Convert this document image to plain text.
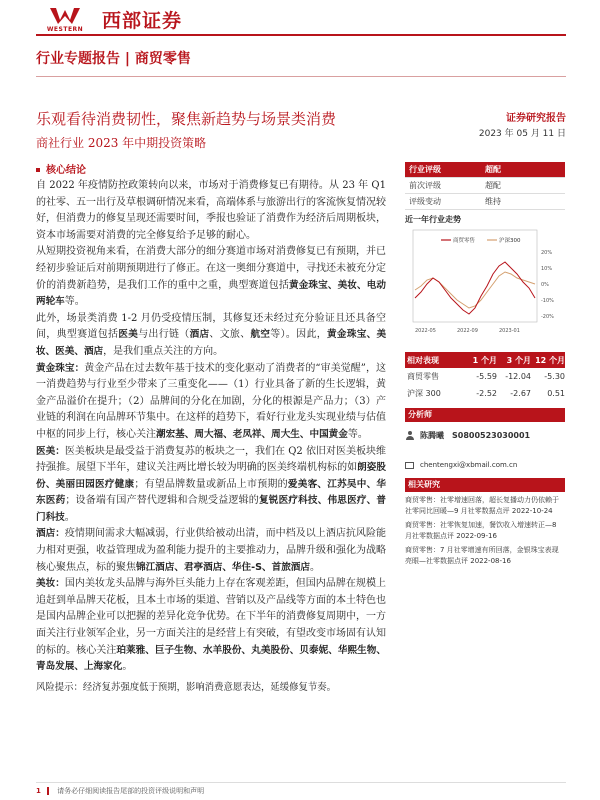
WESTERN 西部证券
行业专题报告 | 商贸零售
乐观看待消费韧性，聚焦新趋势与场景类消费
商社行业 2023 年中期投资策略
证券研究报告
2023 年 05 月 11 日
核心结论

自 2022 年疫情防控政策转向以来，市场对于消费修复已有期待。从 23 年 Q1 的社零、五一出行及草根调研情况来看，高端体系与旅游出行的客流恢复情况较好，但消费力的修复呈现还需要时间，季报也验证了消费作为经济后周期板块，资本市场需要对消费的完全修复给予足够的耐心。

从短期投资视角来看，在消费大部分的细分赛道市场对消费修复已有预期，并已经初步验证后对前期预期进行了修正。在这一奥细分赛道中，寻找还未被充分定价的消费新趋势，是我们工作的重中之重，典型赛道包括黄金珠宝、美妆、电动两轮车等。

此外，场景类消费 1-2 月仍受疫情压制，其修复还未经过充分验证且还具备空间，典型赛道包括医美与出行链（酒店、文旅、航空等）。因此，黄金珠宝、美妆、医美、酒店，是我们重点关注的方向。

黄金珠宝：黄金产品在过去数年基于技术的变化驱动了消费者的“审美觉醒”，这一消费趋势与行业至少带来了三重变化——（1）行业具备了新的生长逻辑，黄金产品溢价在提升；（2）品牌间的分化在加剧，分化的根源是产品力；（3）产业链的利润在向品牌环节集中。在这样的趋势下，看好行业龙头实现业绩与估值中枢的同步上行，核心关注潮宏基、周大福、老凤祥、周大生、中国黄金等。

医美：医美板块是最受益于消费复苏的板块之一，我们在 Q2 依旧对医美板块维持强推。展望下半年，建议关注两比增长较为明确的医美终端机构标的如朗姿股份、美丽田园医疗健康；有望品牌数量或新品上市预期的爱美客、江苏吴中、华东医药；设备端有国产替代逻辑和合规受益逻辑的复锐医疗科技、伟思医疗、普门科技。

酒店：疫情期间需求大幅减弱，行业供给被动出清，而中档及以上酒店抗风险能力相对更强，收益管理成为盈利能力提升的主要推动力，品牌升级和强化为战略核心聚焦点，标的聚焦锦江酒店、君亭酒店、华住-S、首旅酒店。

美妆：国内美妆龙头品牌与海外巨头能力上存在客观差距，但国内品牌在规模上追赶到单品牌天花板，且本土市场的渠道、营销以及产品线等方面的本土特色也是国内品牌企业可以把握的差异化竞争优势。在下半年的消费修复周期中，一方面关注行业领军企业，另一方面关注的是经营上有突破，有望改变市场固有认知的标的。核心关注珀莱雅、巨子生物、水羊股份、丸美股份、贝泰妮、华熙生物、青岛发展、上海家化。

风险提示：经济复苏强度低于预期，影响消费意愿表达，延缓修复节奏。

行业评级	超配
前次评级	超配
评级变动	维持
近一年行业走势
商贸零售	沪深300
20%
10%
0%
-10%
-20%
2022-05	2022-09	2023-01
相对表现	1 个月	3 个月 12 个月
商贸零售	-5.59	-12.04	-5.30
沪深 300	-2.52	-2.67	0.51
分析师
陈腾曦 S0800523030001
chentengxi@xbmail.com.cn
相关研究
商贸零售：社零增速回落，超长复播动力仍依赖于社零同比回暖—9 月社零数据点评 2022-10-24
商贸零售：社零恢复加速，餐饮收入增速转正—8 月社零数据点评 2022-09-16
商贸零售：7 月社零增速有所回落，金银珠宝表现亮眼—社零数据点评 2022-08-16
1 请务必仔细阅读报告尾部的投资评级说明和声明
